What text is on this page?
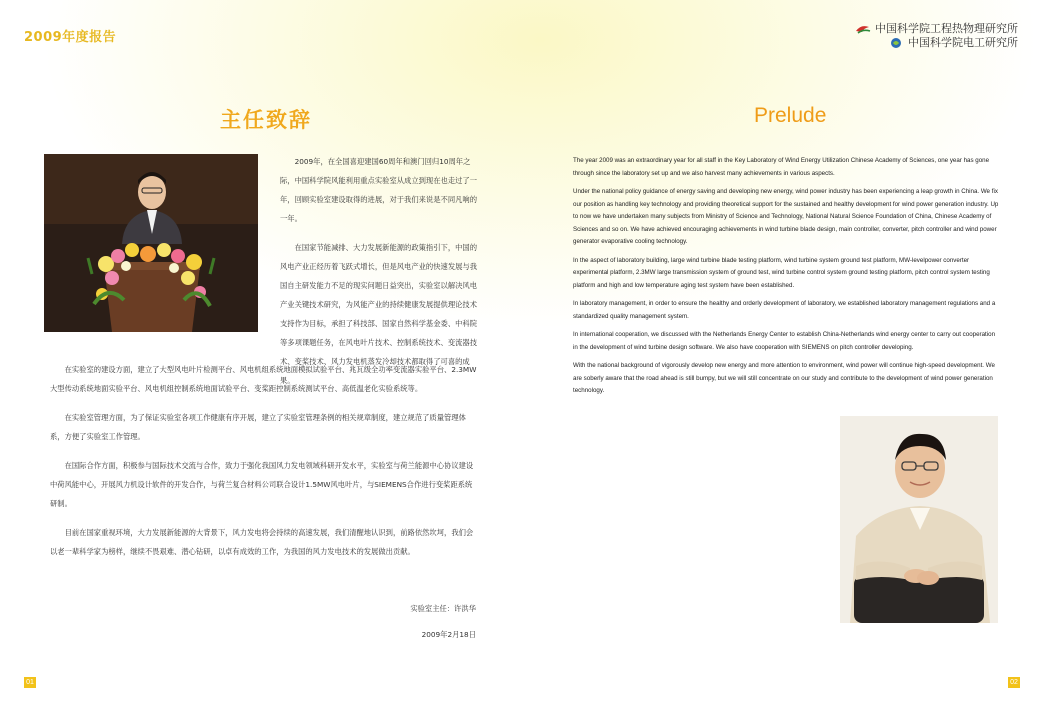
2009年度报告
主任致辞

2009年，在全国喜迎建国60周年和澳门回归10周年之际，中国科学院风能利用重点实验室从成立到现在也走过了一年，回顾实验室建设取得的进展，对于我们来说是不同凡响的一年。

在国家节能减排、大力发展新能源的政策指引下，中国的风电产业正经历着飞跃式增长，但是风电产业的快速发展与我国自主研发能力不足的现实问题日益突出，实验室以解决风电产业关键技术研究，为风能产业的持续健康发展提供理论技术支持作为目标，承担了科技部、国家自然科学基金委、中科院等多项课题任务，在风电叶片技术、控制系统技术、变流器技术、变桨技术、风力发电机蒸发冷却技术都取得了可喜的成果。

在实验室的建设方面，建立了大型风电叶片检测平台、风电机组系统地面模拟试验平台、兆瓦级全功率变流器实验平台、2.3MW大型传动系统地面实验平台、风电机组控制系统地面试验平台、变桨距控制系统测试平台、高低温老化实验系统等。

在实验室管理方面，为了保证实验室各项工作健康有序开展，建立了实验室管理条例的相关规章制度，建立规范了质量管理体系，方便了实验室工作管理。

在国际合作方面，积极参与国际技术交流与合作，致力于强化我国风力发电领域科研开发水平，实验室与荷兰能源中心协议建设中荷风能中心，开展风力机设计软件的开发合作，与荷兰复合材料公司联合设计1.5MW风电叶片，与SIEMENS合作进行变桨距系统研制。

目前在国家重视环境，大力发展新能源的大背景下，风力发电将会持续的高速发展，我们清醒地认识到，前路依然坎坷，我们会以老一辈科学家为榜样，继续不畏艰难、潜心钻研，以卓有成效的工作，为我国的风力发电技术的发展做出贡献。

实验室主任：许洪华
2009年2月18日
01
中国科学院工程热物理研究所
中国科学院电工研究所
Prelude

The year 2009 was an extraordinary year for all staff in the Key Laboratory of Wind Energy Utilization Chinese Academy of Sciences, one year has gone through since the laboratory set up and we also harvest many achievements in various aspects.

Under the national policy guidance of energy saving and developing new energy, wind power industry has been experiencing a leap growth in China. We fix our position as handling key technology and providing theoretical support for the sustained and healthy development for wind power generation industry. Up to now we have undertaken many subjects from Ministry of Science and Technology, National Natural Science Foundation of China, Chinese Academy of Sciences and so on. We have achieved encouraging achievements in wind turbine blade design, main controller, converter, pitch controller and wind power generator evaporative cooling technology.

In the aspect of laboratory building, large wind turbine blade testing platform, wind turbine system ground test platform, MW-levelpower converter experimental platform, 2.3MW large transmission system of ground test, wind turbine control system ground testing platform, pitch control system testing platform and high and low temperature aging test system have been established.

In laboratory management, in order to ensure the healthy and orderly development of laboratory, we established laboratory management regulations and a standardized quality management system.

In international cooperation, we discussed with the Netherlands Energy Center to establish China-Netherlands wind energy center to carry out cooperation in the development of wind turbine design software. We also have cooperation with SIEMENS on pitch controller developing.

With the national background of vigorously develop new energy and more attention to environment, wind power will continue high-speed development. We are soberly aware that the road ahead is still bumpy, but we will still concentrate on our study and contribute to the development of wind power generation technology.

02
